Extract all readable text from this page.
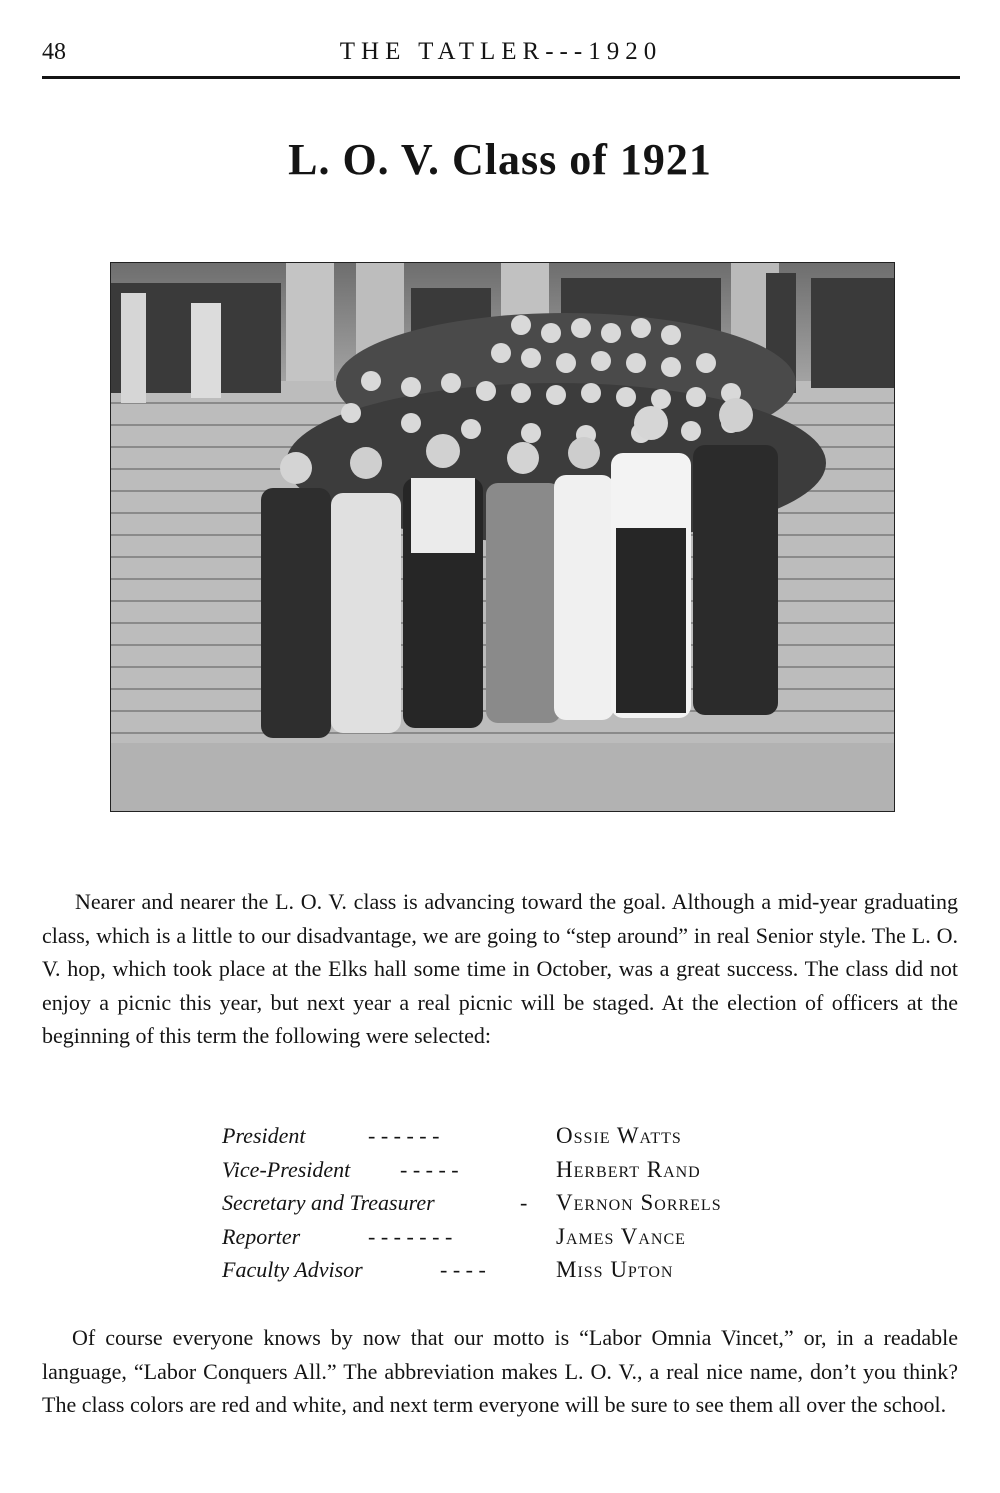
48	THE TATLER---1920
L. O. V. Class of 1921

Nearer and nearer the L. O. V. class is advancing toward the goal. Although a mid-year graduating class, which is a little to our disadvantage, we are going to “step around” in real Senior style. The L. O. V. hop, which took place at the Elks hall some time in October, was a great success. The class did not enjoy a picnic this year, but next year a real picnic will be staged. At the election of officers at the beginning of this term the following were selected:

President	- - - - - -	Ossie Watts
Vice-President - - - - -	Herbert Rand
Secretary and Treasurer	- Vernon Sorrels
Reporter	- - - - - - -	James Vance
Faculty Advisor	- - - -	Miss Upton

Of course everyone knows by now that our motto is “Labor Omnia Vincet,” or, in a readable language, “Labor Conquers All.” The abbreviation makes L. O. V., a real nice name, don’t you think? The class colors are red and white, and next term everyone will be sure to see them all over the school.
